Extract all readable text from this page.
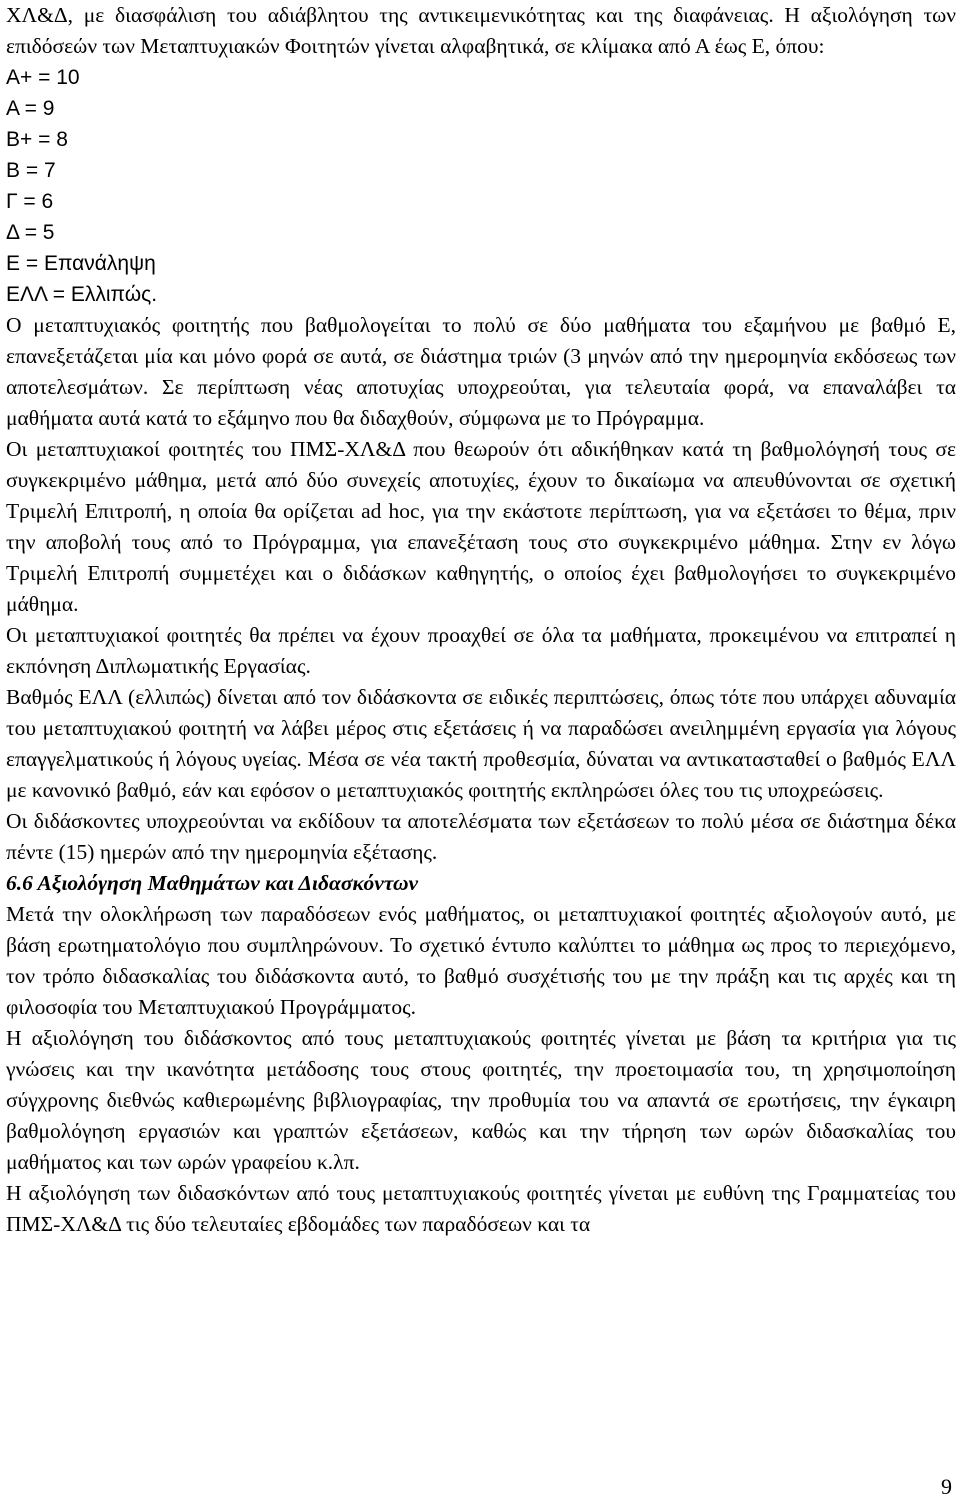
ΧΛ&Δ, με διασφάλιση του αδιάβλητου της αντικειμενικότητας και της διαφάνειας. Η αξιολόγηση των επιδόσεών των Μεταπτυχιακών Φοιτητών γίνεται αλφαβητικά, σε κλίμακα από Α έως Ε, όπου:

Α+ = 10

Α = 9

Β+ = 8

Β = 7

Γ = 6

Δ = 5

Ε = Επανάληψη

ΕΛΛ = Ελλιπώς.

Ο μεταπτυχιακός φοιτητής που βαθμολογείται το πολύ σε δύο μαθήματα του εξαμήνου με βαθμό Ε, επανεξετάζεται μία και μόνο φορά σε αυτά, σε διάστημα τριών (3 μηνών από την ημερομηνία εκδόσεως των αποτελεσμάτων. Σε περίπτωση νέας αποτυχίας υποχρεούται, για τελευταία φορά, να επαναλάβει τα μαθήματα αυτά κατά το εξάμηνο που θα διδαχθούν, σύμφωνα με το Πρόγραμμα.

Οι μεταπτυχιακοί φοιτητές του ΠΜΣ-ΧΛ&Δ που θεωρούν ότι αδικήθηκαν κατά τη βαθμολόγησή τους σε συγκεκριμένο μάθημα, μετά από δύο συνεχείς αποτυχίες, έχουν το δικαίωμα να απευθύνονται σε σχετική Τριμελή Επιτροπή, η οποία θα ορίζεται ad hoc, για την εκάστοτε περίπτωση, για να εξετάσει το θέμα, πριν την αποβολή τους από το Πρόγραμμα, για επανεξέταση τους στο συγκεκριμένο μάθημα. Στην εν λόγω Τριμελή Επιτροπή συμμετέχει και ο διδάσκων καθηγητής, ο οποίος έχει βαθμολογήσει το συγκεκριμένο μάθημα.

Οι μεταπτυχιακοί φοιτητές θα πρέπει να έχουν προαχθεί σε όλα τα μαθήματα, προκειμένου να επιτραπεί η εκπόνηση Διπλωματικής Εργασίας.

Βαθμός ΕΛΛ (ελλιπώς) δίνεται από τον διδάσκοντα σε ειδικές περιπτώσεις, όπως τότε που υπάρχει αδυναμία του μεταπτυχιακού φοιτητή να λάβει μέρος στις εξετάσεις ή να παραδώσει ανειλημμένη εργασία για λόγους επαγγελματικούς ή λόγους υγείας. Μέσα σε νέα τακτή προθεσμία, δύναται να αντικατασταθεί ο βαθμός ΕΛΛ με κανονικό βαθμό, εάν και εφόσον ο μεταπτυχιακός φοιτητής εκπληρώσει όλες του τις υποχρεώσεις.

Οι διδάσκοντες υποχρεούνται να εκδίδουν τα αποτελέσματα των εξετάσεων το πολύ μέσα σε διάστημα δέκα πέντε (15) ημερών από την ημερομηνία εξέτασης.

6.6 Αξιολόγηση Μαθημάτων και Διδασκόντων

Μετά την ολοκλήρωση των παραδόσεων ενός μαθήματος, οι μεταπτυχιακοί φοιτητές αξιολογούν αυτό, με βάση ερωτηματολόγιο που συμπληρώνουν. Το σχετικό έντυπο καλύπτει το μάθημα ως προς το περιεχόμενο, τον τρόπο διδασκαλίας του διδάσκοντα αυτό, το βαθμό συσχέτισής του με την πράξη και τις αρχές και τη φιλοσοφία του Μεταπτυχιακού Προγράμματος.

Η αξιολόγηση του διδάσκοντος από τους μεταπτυχιακούς φοιτητές γίνεται με βάση τα κριτήρια για τις γνώσεις και την ικανότητα μετάδοσης τους στους φοιτητές, την προετοιμασία του, τη χρησιμοποίηση σύγχρονης διεθνώς καθιερωμένης βιβλιογραφίας, την προθυμία του να απαντά σε ερωτήσεις, την έγκαιρη βαθμολόγηση εργασιών και γραπτών εξετάσεων, καθώς και την τήρηση των ωρών διδασκαλίας του μαθήματος και των ωρών γραφείου κ.λπ.

Η αξιολόγηση των διδασκόντων από τους μεταπτυχιακούς φοιτητές γίνεται με ευθύνη της Γραμματείας του ΠΜΣ-ΧΛ&Δ τις δύο τελευταίες εβδομάδες των παραδόσεων και τα

9
